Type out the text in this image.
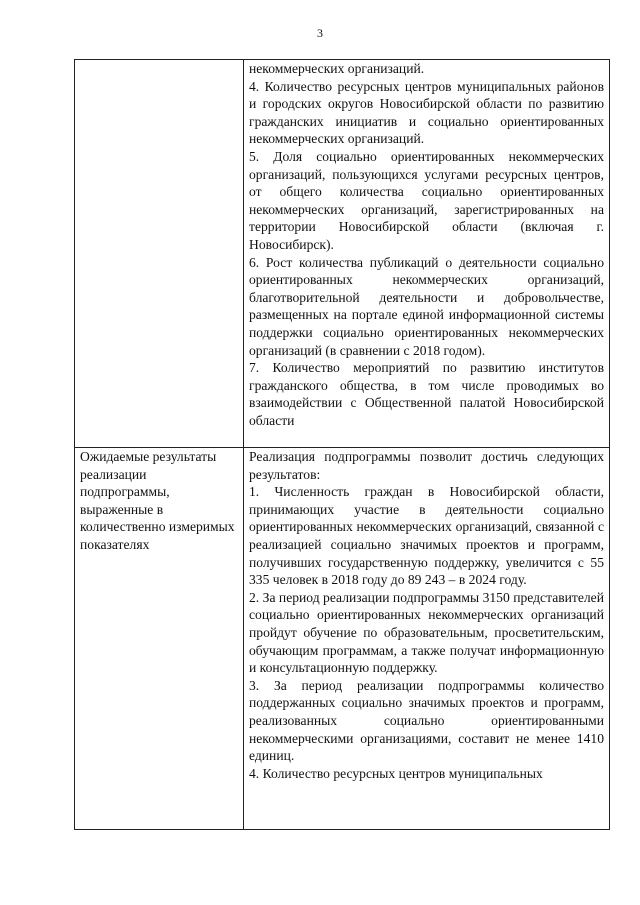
3

	некоммерческих организаций.

4. Количество ресурсных центров муниципальных районов и городских округов Новосибирской области по развитию гражданских инициатив и социально ориентированных некоммерческих организаций.

5. Доля социально ориентированных некоммерческих организаций, пользующихся услугами ресурсных центров, от общего количества социально ориентированных некоммерческих организаций, зарегистрированных на территории Новосибирской области (включая г. Новосибирск).

6. Рост количества публикаций о деятельности социально ориентированных некоммерческих организаций, благотворительной деятельности и добровольчестве, размещенных на портале единой информационной системы поддержки социально ориентированных некоммерческих организаций (в сравнении с 2018 годом).

7. Количество мероприятий по развитию институтов гражданского общества, в том числе проводимых во взаимодействии с Общественной палатой Новосибирской области

Ожидаемые результаты реализации подпрограммы, выраженные в количественно измеримых показателях	Реализация подпрограммы позволит достичь следующих результатов:

1. Численность граждан в Новосибирской области, принимающих участие в деятельности социально ориентированных некоммерческих организаций, связанной с реализацией социально значимых проектов и программ, получивших государственную поддержку, увеличится с 55 335 человек в 2018 году до 89 243 – в 2024 году.

2. За период реализации подпрограммы 3150 представителей социально ориентированных некоммерческих организаций пройдут обучение по образовательным, просветительским, обучающим программам, а также получат информационную и консультационную поддержку.

3. За период реализации подпрограммы количество поддержанных социально значимых проектов и программ, реализованных социально ориентированными некоммерческими организациями, составит не менее 1410 единиц.

4. Количество ресурсных центров муниципальных
